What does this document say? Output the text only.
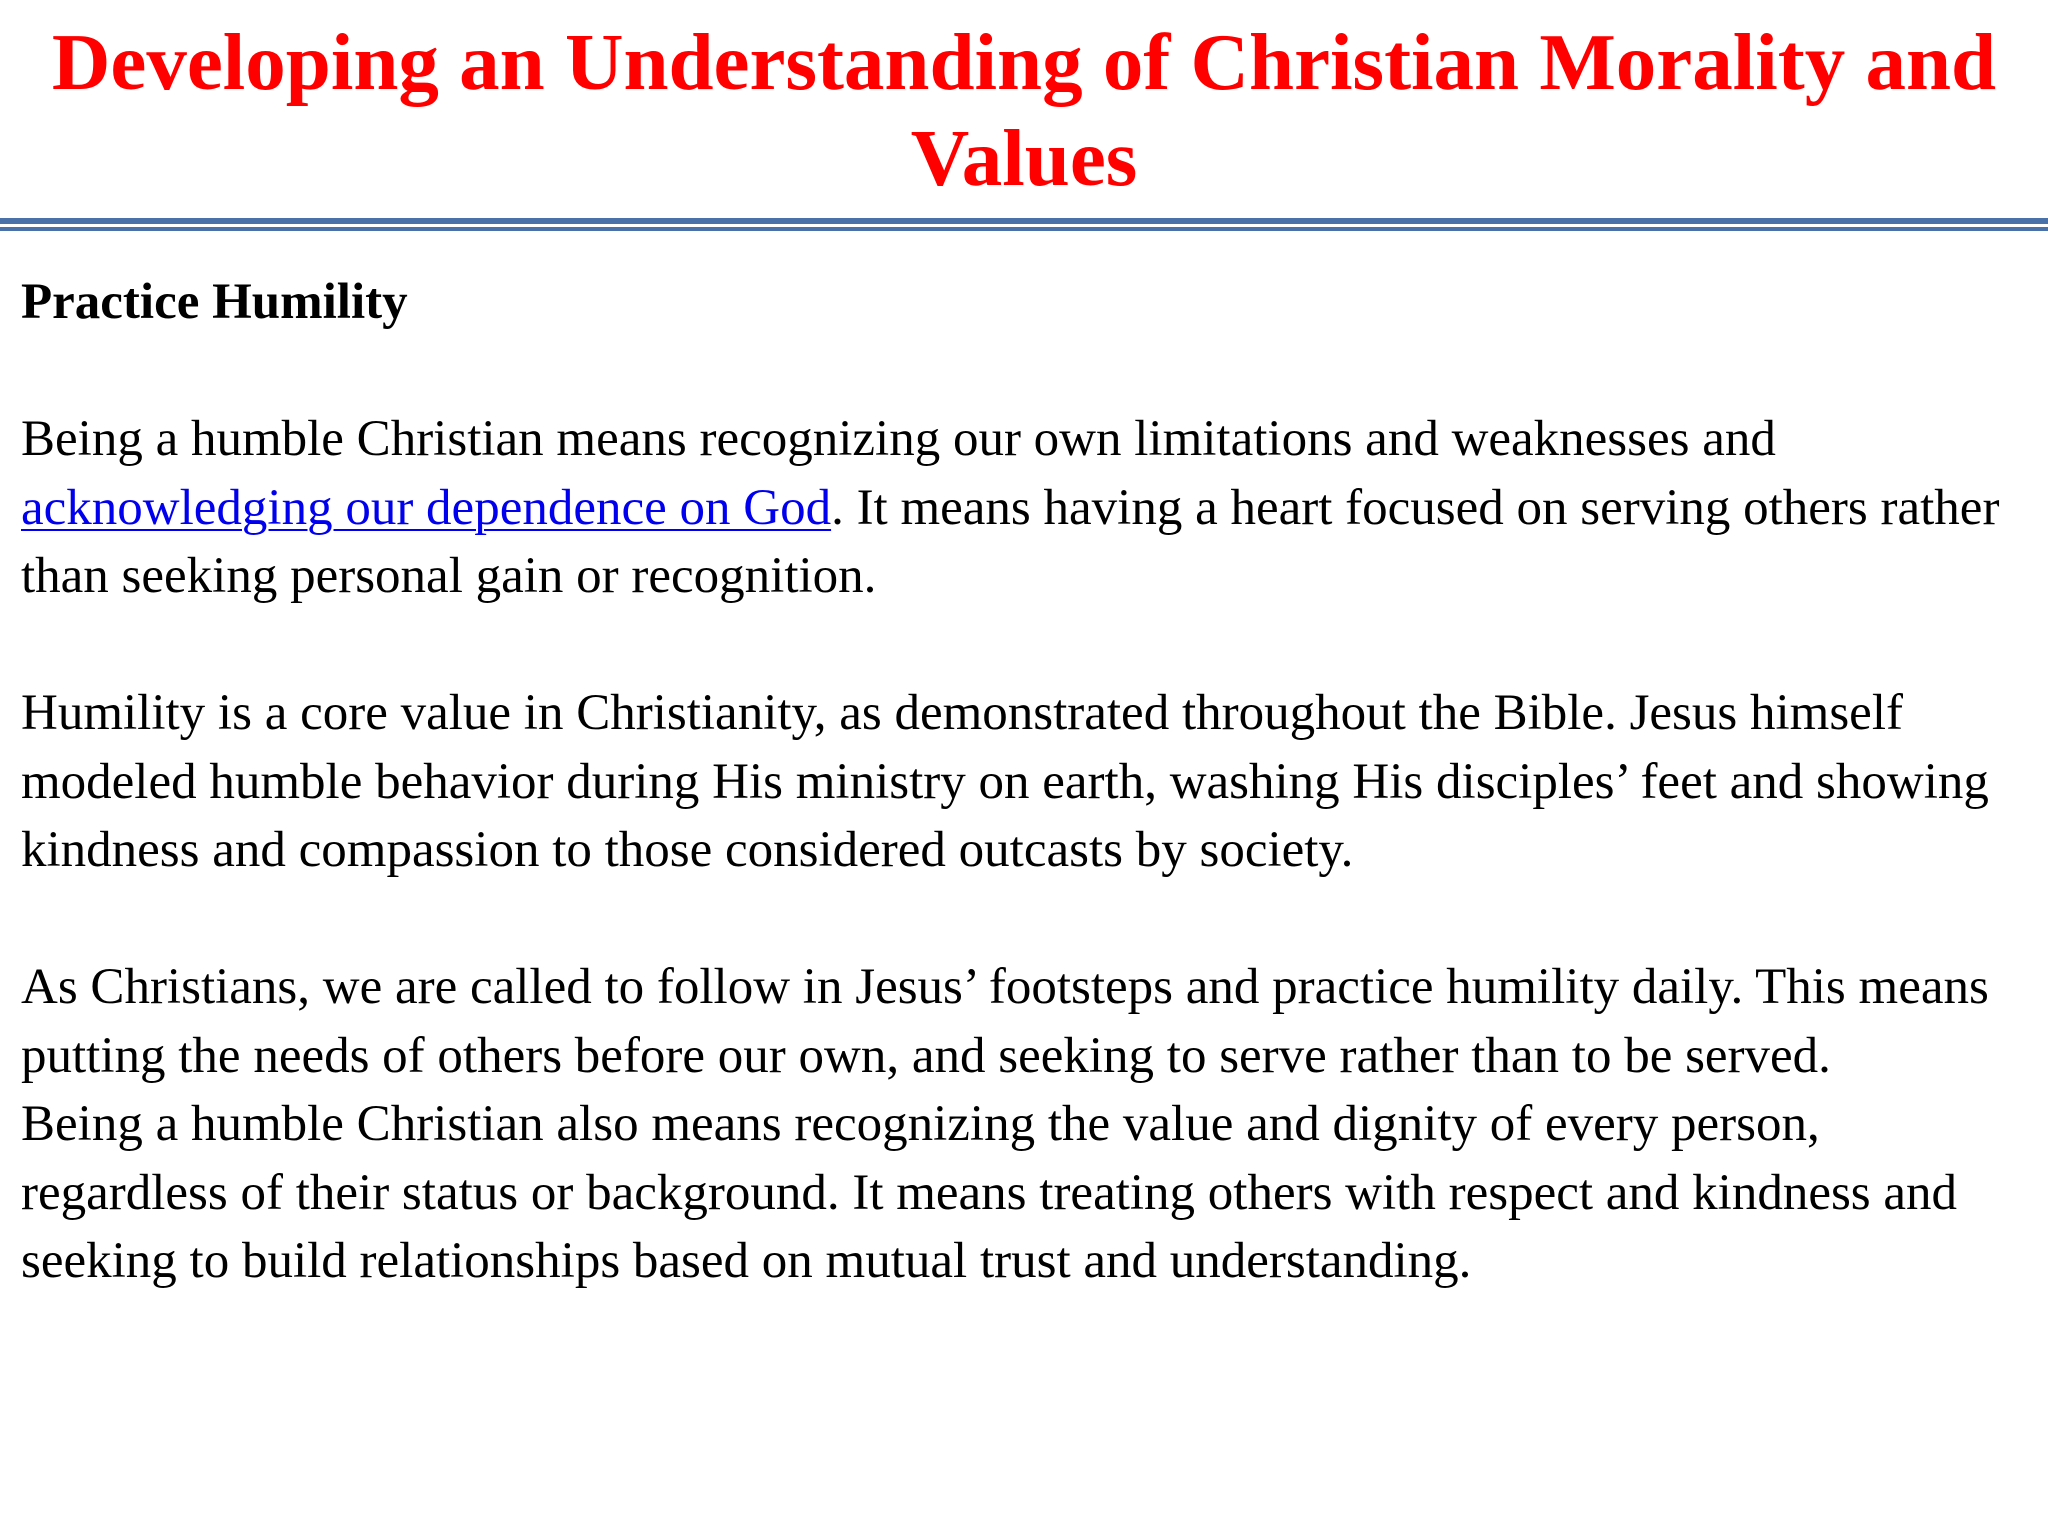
Developing an Understanding of Christian Morality and
Values

Practice Humility

Being a humble Christian means recognizing our own limitations and weaknesses and acknowledging our dependence on God. It means having a heart focused on serving others rather than seeking personal gain or recognition.

Humility is a core value in Christianity, as demonstrated throughout the Bible. Jesus himself modeled humble behavior during His ministry on earth, washing His disciples’ feet and showing kindness and compassion to those considered outcasts by society.

As Christians, we are called to follow in Jesus’ footsteps and practice humility daily. This means putting the needs of others before our own, and seeking to serve rather than to be served.

Being a humble Christian also means recognizing the value and dignity of every person, regardless of their status or background. It means treating others with respect and kindness and seeking to build relationships based on mutual trust and understanding.
